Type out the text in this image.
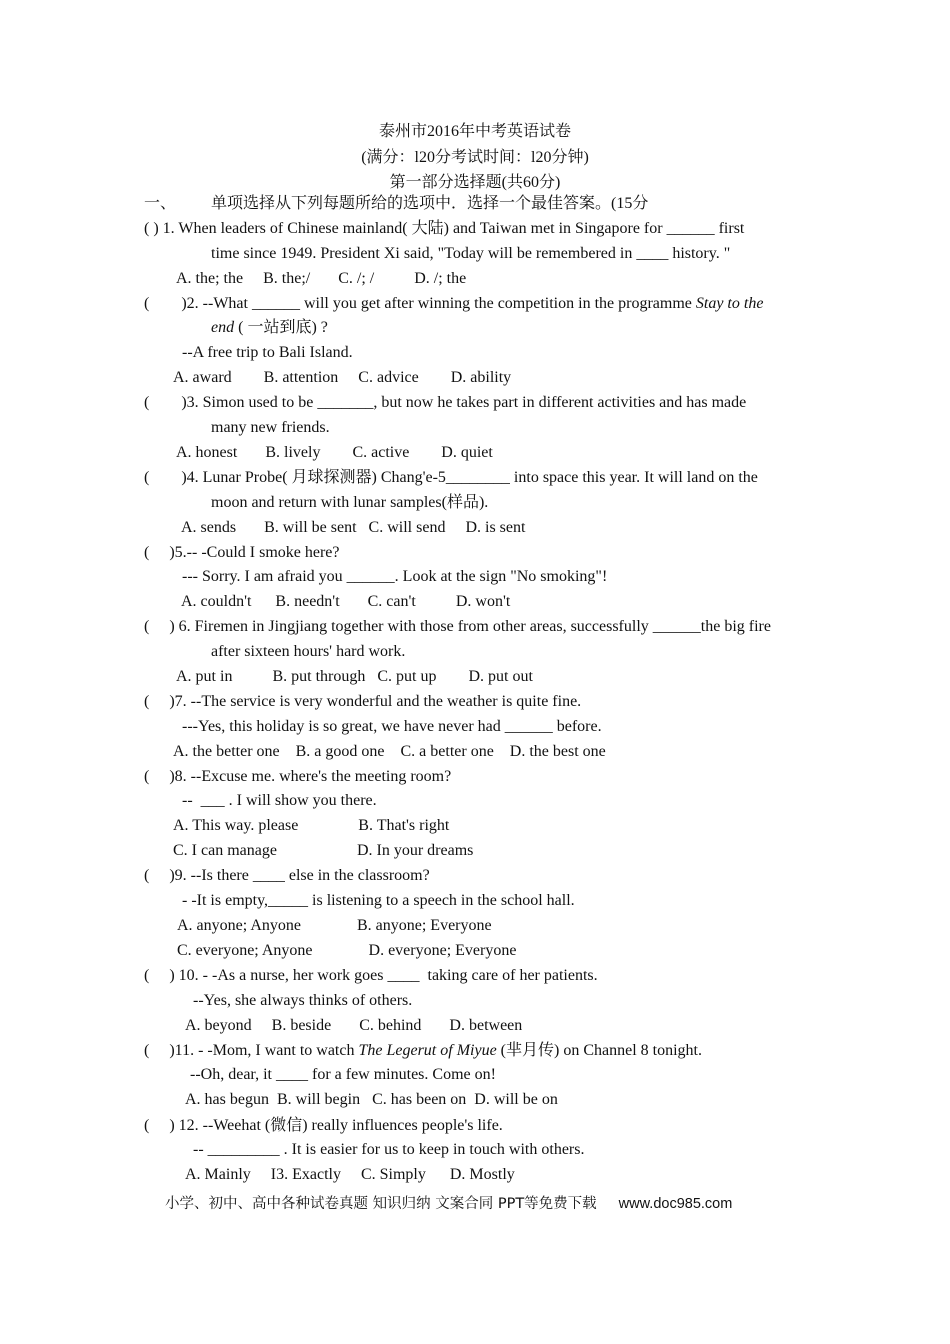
泰州市2016年中考英语试卷
(满分：l20分考试时间：l20分钟)
第一部分选择题(共60分)
一、 单项选择从下列每题所给的选项中．选择一个最佳答案。(15分
( ) 1. When leaders of Chinese mainland( 大陆) and Taiwan met in Singapore for ______ first
time since 1949. President Xi said, "Today will be remembered in ____ history. "
A. the; the     B. the;/       C. /; /          D. /; the
(        )2. --What ______ will you get after winning the competition in the programme Stay to the
end ( 一站到底) ?
--A free trip to Bali Island.
A. award        B. attention     C. advice        D. ability
(        )3. Simon used to be _______, but now he takes part in different activities and has made
many new friends.
A. honest       B. lively        C. active        D. quiet
(        )4. Lunar Probe( 月球探测器) Chang'e-5________ into space this year. It will land on the
moon and return with lunar samples(样品).
A. sends       B. will be sent   C. will send     D. is sent
(     )5.-- -Could I smoke here?
--- Sorry. I am afraid you ______. Look at the sign "No smoking"!
A. couldn't      B. needn't       C. can't          D. won't
(     ) 6. Firemen in Jingjiang together with those from other areas, successfully ______the big fire
after sixteen hours' hard work.
A. put in          B. put through   C. put up        D. put out
(     )7. --The service is very wonderful and the weather is quite fine.
---Yes, this holiday is so great, we have never had ______ before.
A. the better one    B. a good one    C. a better one    D. the best one
(     )8. --Excuse me. where's the meeting room?
--  ___ . I will show you there.
A. This way. please               B. That's right
C. I can manage                    D. In your dreams
(     )9. --Is there ____ else in the classroom?
- -It is empty,_____ is listening to a speech in the school hall.
A. anyone; Anyone              B. anyone; Everyone
C. everyone; Anyone              D. everyone; Everyone
(     ) 10. - -As a nurse, her work goes ____  taking care of her patients.
--Yes, she always thinks of others.
A. beyond     B. beside       C. behind       D. between
(     )11. - -Mom, I want to watch The Legerut of Miyue (芈月传) on Channel 8 tonight.
--Oh, dear, it ____ for a few minutes. Come on!
A. has begun  B. will begin   C. has been on  D. will be on
(     ) 12. --Weehat (微信) really influences people's life.
-- _________ . It is easier for us to keep in touch with others.
A. Mainly     I3. Exactly     C. Simply      D. Mostly
小学、初中、高中各种试卷真题 知识归纳 文案合同 PPT等免费下载 www.doc985.com
